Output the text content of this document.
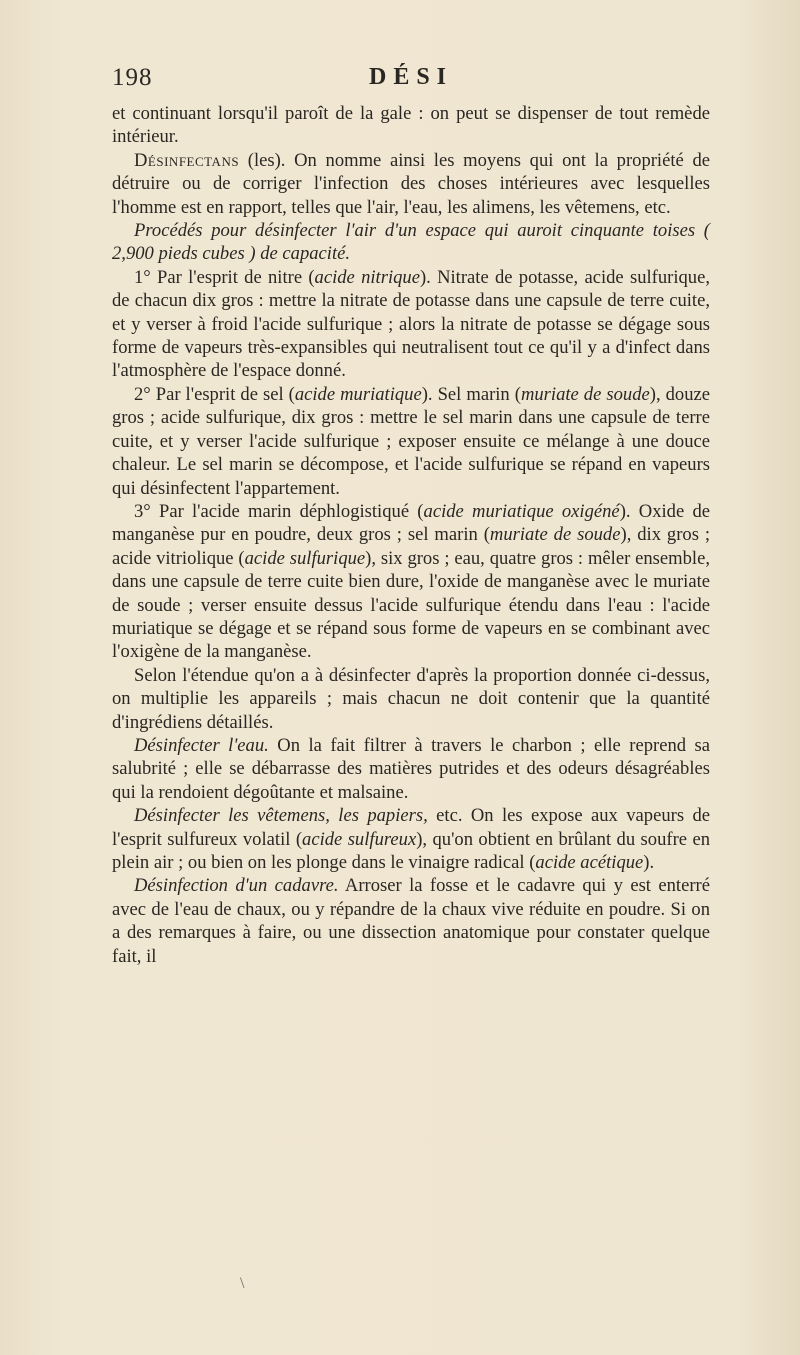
198	DÉSI

et continuant lorsqu'il paroît de la gale : on peut se dispenser de tout remède intérieur.

Désinfectans (les). On nomme ainsi les moyens qui ont la propriété de détruire ou de corriger l'infection des choses intérieures avec lesquelles l'homme est en rapport, telles que l'air, l'eau, les alimens, les vêtemens, etc.

Procédés pour désinfecter l'air d'un espace qui auroit cinquante toises ( 2,900 pieds cubes ) de capacité.

1° Par l'esprit de nitre (acide nitrique). Nitrate de potasse, acide sulfurique, de chacun dix gros : mettre la nitrate de potasse dans une capsule de terre cuite, et y verser à froid l'acide sulfurique ; alors la nitrate de potasse se dégage sous forme de vapeurs très-expansibles qui neutralisent tout ce qu'il y a d'infect dans l'atmosphère de l'espace donné.

2° Par l'esprit de sel (acide muriatique). Sel marin (muriate de soude), douze gros ; acide sulfurique, dix gros : mettre le sel marin dans une capsule de terre cuite, et y verser l'acide sulfurique ; exposer ensuite ce mélange à une douce chaleur. Le sel marin se décompose, et l'acide sulfurique se répand en vapeurs qui désinfectent l'appartement.

3° Par l'acide marin déphlogistiqué (acide muriatique oxigéné). Oxide de manganèse pur en poudre, deux gros ; sel marin (muriate de soude), dix gros ; acide vitriolique (acide sulfurique), six gros ; eau, quatre gros : mêler ensemble, dans une capsule de terre cuite bien dure, l'oxide de manganèse avec le muriate de soude ; verser ensuite dessus l'acide sulfurique étendu dans l'eau : l'acide muriatique se dégage et se répand sous forme de vapeurs en se combinant avec l'oxigène de la manganèse.

Selon l'étendue qu'on a à désinfecter d'après la proportion donnée ci-dessus, on multiplie les appareils ; mais chacun ne doit contenir que la quantité d'ingrédiens détaillés.

Désinfecter l'eau. On la fait filtrer à travers le charbon ; elle reprend sa salubrité ; elle se débarrasse des matières putrides et des odeurs désagréables qui la rendoient dégoûtante et malsaine.

Désinfecter les vêtemens, les papiers, etc. On les expose aux vapeurs de l'esprit sulfureux volatil (acide sulfureux), qu'on obtient en brûlant du soufre en plein air ; ou bien on les plonge dans le vinaigre radical (acide acétique).

Désinfection d'un cadavre. Arroser la fosse et le cadavre qui y est enterré avec de l'eau de chaux, ou y répandre de la chaux vive réduite en poudre. Si on a des remarques à faire, ou une dissection anatomique pour constater quelque fait, il

\
